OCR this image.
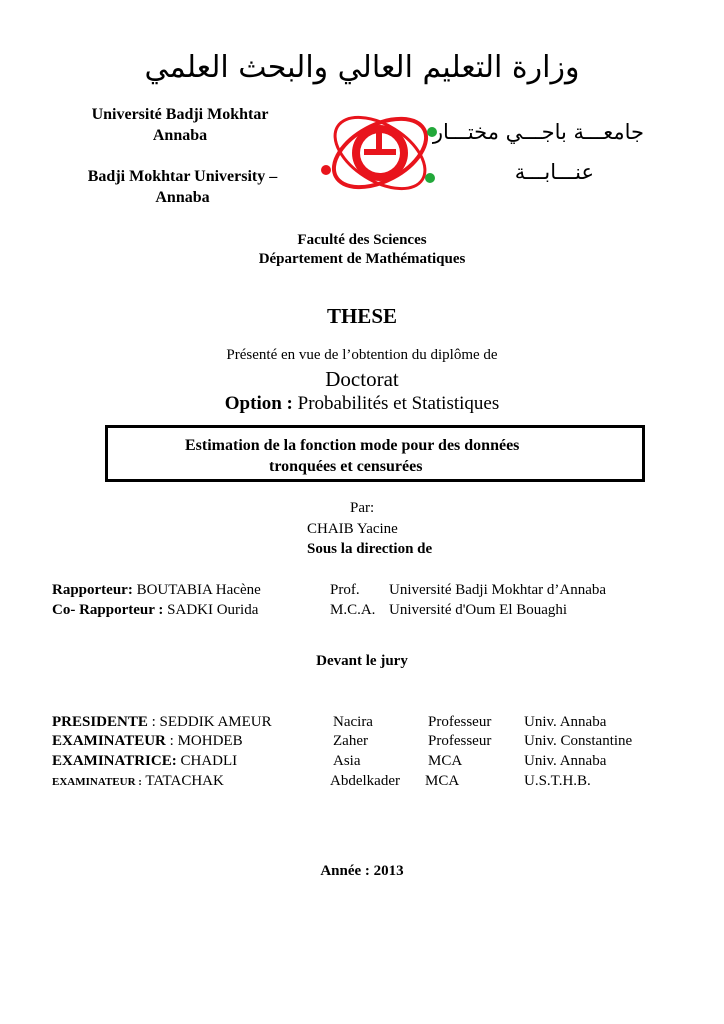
وزارة التعليم العالي والبحث العلمي
Université Badji Mokhtar
Annaba
Badji Mokhtar University –
Annaba
جامعـــة باجـــي مختـــار
عنـــابـــة
Faculté des Sciences
Département de Mathématiques
THESE
Présenté en vue de l’obtention du diplôme de
Doctorat
Option : Probabilités et Statistiques
Estimation de la fonction mode pour des données
tronquées et censurées
Par:
CHAIB Yacine
Sous la direction de
Rapporteur: BOUTABIA Hacène	Prof. Université Badji Mokhtar d’Annaba
Co- Rapporteur : SADKI Ourida	M.C.A. Université d'Oum El Bouaghi
Devant le jury
PRESIDENTE : SEDDIK AMEUR	Nacira	Professeur Univ. Annaba
EXAMINATEUR : MOHDEB	Zaher	Professeur Univ. Constantine
EXAMINATRICE: CHADLI	Asia	MCA	Univ. Annaba
EXAMINATEUR : TATACHAK	Abdelkader MCA	U.S.T.H.B.
Année : 2013
